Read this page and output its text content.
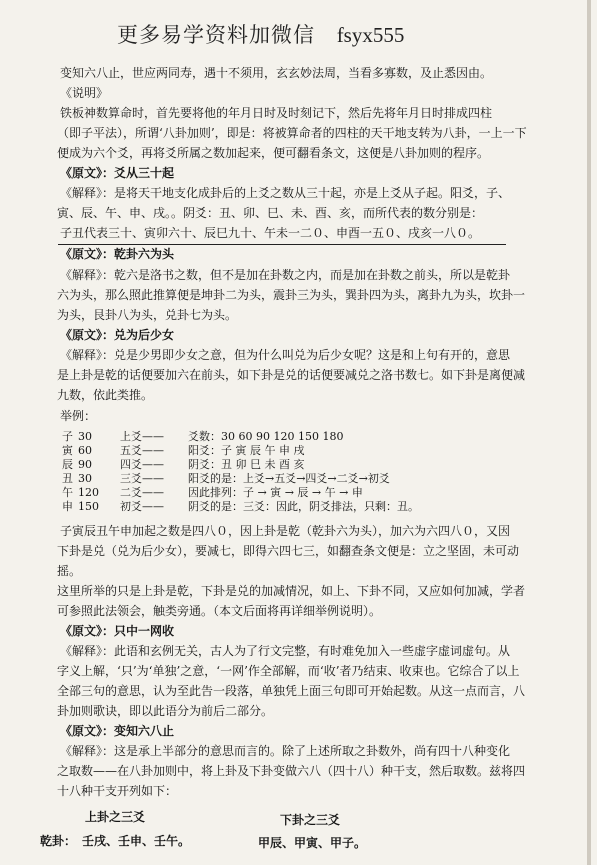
更多易学资料加微信 fsyx555
变知六八止，世应两同寿，遇十不须用，玄玄妙法周，当看多寡数，及止悉因由。
《说明》
铁板神数算命时，首先要将他的年月日时及时刻记下，然后先将年月日时排成四柱
（即子平法），所谓‘八卦加则’，即是：将被算命者的四柱的天干地支转为八卦，一上一下
便成为六个爻，再将爻所属之数加起来，便可翻看条文，这便是八卦加则的程序。
《原文》：爻从三十起
《解释》：是将天干地支化成卦后的上爻之数从三十起，亦是上爻从子起。阳爻，子、
寅、辰、午、申、戌。。阴爻：丑、卯、巳、未、酉、亥，而所代表的数分别是：
子丑代表三十、寅卯六十、辰巳九十、午未一二０、申酉一五０、戌亥一八０。
《原文》：乾卦六为头
《解释》：乾六是洛书之数，但不是加在卦数之内，而是加在卦数之前头，所以是乾卦
六为头，那么照此推算便是坤卦二为头，震卦三为头，巽卦四为头，离卦九为头，坎卦一
为头，艮卦八为头，兑卦七为头。
《原文》：兑为后少女
《解释》：兑是少男即少女之意，但为什么叫兑为后少女呢？这是和上句有开的，意思
是上卦是乾的话便要加六在前头，如下卦是兑的话便要减兑之洛书数七。如下卦是离便减
九数，依此类推。
举例：
子 30	上爻—— 爻数：30 60 90 120 150 180
寅 60	五爻—— 阳爻：子 寅 辰 午 申 戌
辰 90	四爻—— 阴爻：丑 卯 巳 未 酉 亥
丑 30	三爻—— 阳爻的是：上爻→五爻→四爻→二爻→初爻
午 120 二爻—— 因此排列：子 → 寅 → 辰 → 午 → 申
申 150 初爻—— 阴爻的是：三爻：因此，阴爻排法，只剩：丑。
子寅辰丑午申加起之数是四八０，因上卦是乾（乾卦六为头），加六为六四八０，又因
下卦是兑（兑为后少女），要减七，即得六四七三，如翻查条文便是：立之坚固，未可动
摇。
这里所举的只是上卦是乾，下卦是兑的加减情况，如上、下卦不同，又应如何加减，学者
可参照此法领会，触类旁通。（本文后面将再详细举例说明）。
《原文》：只中一网收
《解释》：此语和玄例无关，古人为了行文完整，有时难免加入一些虚字虚词虚句。从
字义上解，‘只’为‘单独’之意，‘一网’作全部解，而‘收’者乃结束、收束也。它综合了以上
全部三句的意思，认为至此告一段落，单独凭上面三句即可开始起数。从这一点而言，八
卦加则歌诀，即以此语分为前后二部分。
《原文》：变知六八止
《解释》：这是承上半部分的意思而言的。除了上述所取之卦数外，尚有四十八种变化
之取数——在八卦加则中，将上卦及下卦变做六八（四十八）种干支，然后取数。兹将四
十八种干支开列如下：
上卦之三爻	下卦之三爻
乾卦： 壬戌、壬申、壬午。	甲辰、甲寅、甲子。
